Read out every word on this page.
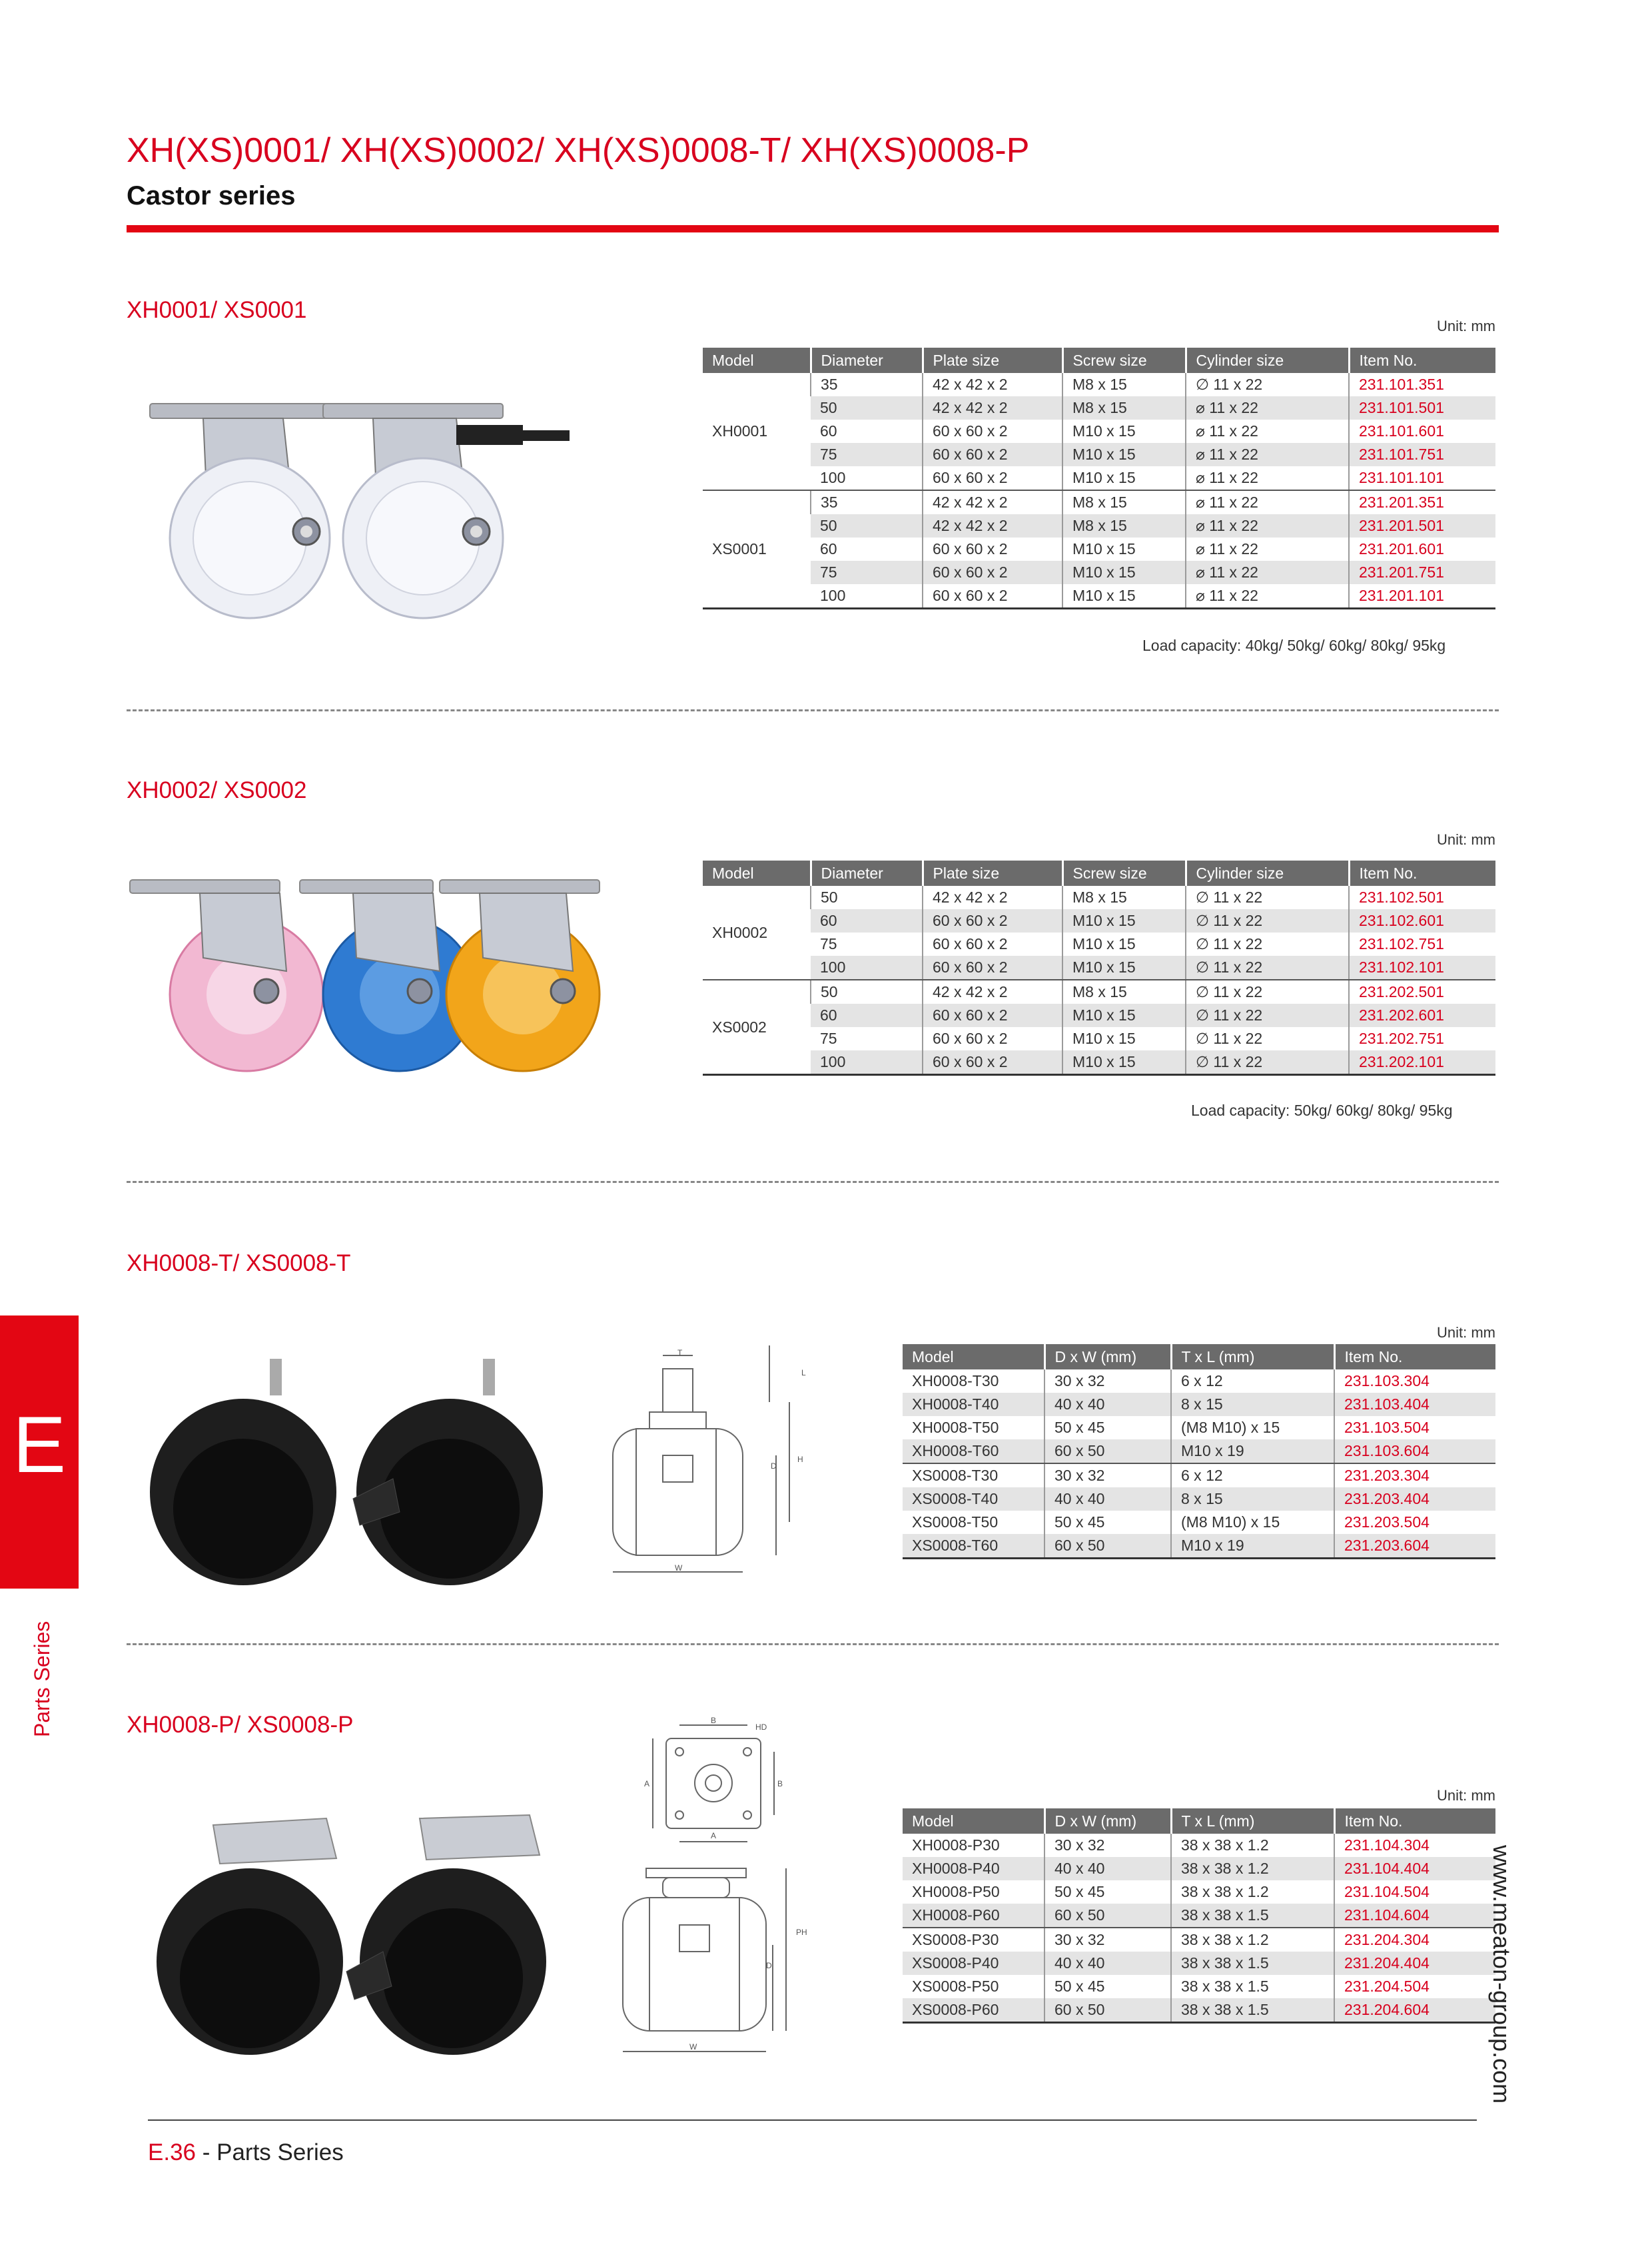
XH(XS)0001/ XH(XS)0002/ XH(XS)0008-T/ XH(XS)0008-P
Castor series
XH0001/ XS0001
Unit: mm
Model	Diameter	Plate size	Screw size	Cylinder size	Item No.
XH0001	35	42 x 42 x 2	M8 x 15	∅ 11 x 22	231.101.351
	50	42 x 42 x 2	M8 x 15	⌀ 11 x 22	231.101.501
	60	60 x 60 x 2	M10 x 15	⌀ 11 x 22	231.101.601
	75	60 x 60 x 2	M10 x 15	⌀ 11 x 22	231.101.751
	100	60 x 60 x 2	M10 x 15	⌀ 11 x 22	231.101.101
XS0001	35	42 x 42 x 2	M8 x 15	⌀ 11 x 22	231.201.351
	50	42 x 42 x 2	M8 x 15	⌀ 11 x 22	231.201.501
	60	60 x 60 x 2	M10 x 15	⌀ 11 x 22	231.201.601
	75	60 x 60 x 2	M10 x 15	⌀ 11 x 22	231.201.751
	100	60 x 60 x 2	M10 x 15	⌀ 11 x 22	231.201.101
Load capacity: 40kg/ 50kg/ 60kg/ 80kg/ 95kg
XH0002/ XS0002
Unit: mm
Model	Diameter	Plate size	Screw size	Cylinder size	Item No.
XH0002	50	42 x 42 x 2	M8 x 15	∅ 11 x 22	231.102.501
	60	60 x 60 x 2	M10 x 15	∅ 11 x 22	231.102.601
	75	60 x 60 x 2	M10 x 15	∅ 11 x 22	231.102.751
	100	60 x 60 x 2	M10 x 15	∅ 11 x 22	231.102.101
XS0002	50	42 x 42 x 2	M8 x 15	∅ 11 x 22	231.202.501
	60	60 x 60 x 2	M10 x 15	∅ 11 x 22	231.202.601
	75	60 x 60 x 2	M10 x 15	∅ 11 x 22	231.202.751
	100	60 x 60 x 2	M10 x 15	∅ 11 x 22	231.202.101
Load capacity: 50kg/ 60kg/ 80kg/ 95kg
XH0008-T/ XS0008-T
Unit: mm
T
L
H
D
W
Model	D x W (mm)	T x L (mm)	Item No.
XH0008-T30	30 x 32	6 x 12	231.103.304
XH0008-T40	40 x 40	8 x 15	231.103.404
XH0008-T50	50 x 45	(M8 M10) x 15	231.103.504
XH0008-T60	60 x 50	M10 x 19	231.103.604
XS0008-T30	30 x 32	6 x 12	231.203.304
XS0008-T40	40 x 40	8 x 15	231.203.404
XS0008-T50	50 x 45	(M8 M10) x 15	231.203.504
XS0008-T60	60 x 50	M10 x 19	231.203.604
XH0008-P/ XS0008-P
Unit: mm
B
HD
A	B
A
PH
D
W
Model	D x W (mm)	T x L (mm)	Item No.
XH0008-P30	30 x 32	38 x 38 x 1.2	231.104.304
XH0008-P40	40 x 40	38 x 38 x 1.2	231.104.404
XH0008-P50	50 x 45	38 x 38 x 1.2	231.104.504
XH0008-P60	60 x 50	38 x 38 x 1.5	231.104.604
XS0008-P30	30 x 32	38 x 38 x 1.2	231.204.304
XS0008-P40	40 x 40	38 x 38 x 1.5	231.204.404
XS0008-P50	50 x 45	38 x 38 x 1.5	231.204.504
XS0008-P60	60 x 50	38 x 38 x 1.5	231.204.604
E
Parts Series
www.meaton-group.com
E.36 - Parts Series
